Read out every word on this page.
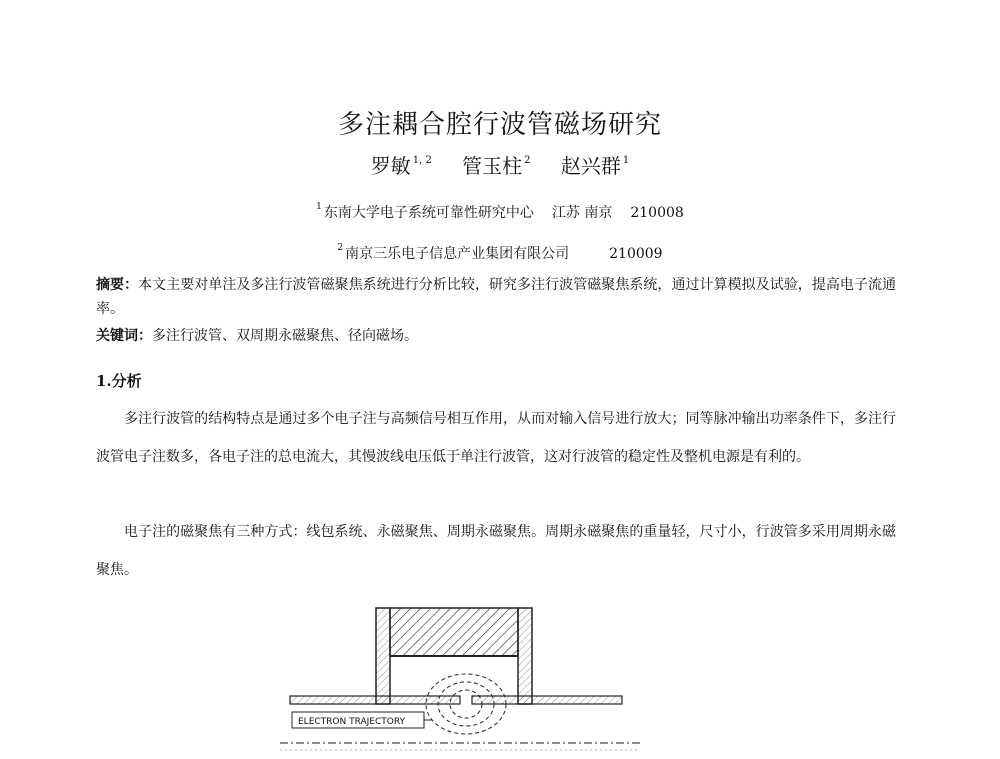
多注耦合腔行波管磁场研究
罗敏 $^{1, 2}$ 管玉柱 $^2$ 赵兴群 $^1$
$^1$ 东南大学电子系统可靠性研究中心 江苏 南京 210008
$^2$ 南京三乐电子信息产业集团有限公司	210009
摘要：本文主要对单注及多注行波管磁聚焦系统进行分析比较，研究多注行波管磁聚焦系统，通过计算模拟及试验，提高电子流通率。
关键词：多注行波管、双周期永磁聚焦、径向磁场。
1.分析
多注行波管的结构特点是通过多个电子注与高频信号相互作用，从而对输入信号进行放大；同等脉冲输出功率条件下，多注行波管电子注数多，各电子注的总电流大，其慢波线电压低于单注行波管，这对行波管的稳定性及整机电源是有利的。
电子注的磁聚焦有三种方式：线包系统、永磁聚焦、周期永磁聚焦。周期永磁聚焦的重量轻，尺寸小，行波管多采用周期永磁聚焦。
ELECTRON TRAJECTORY
